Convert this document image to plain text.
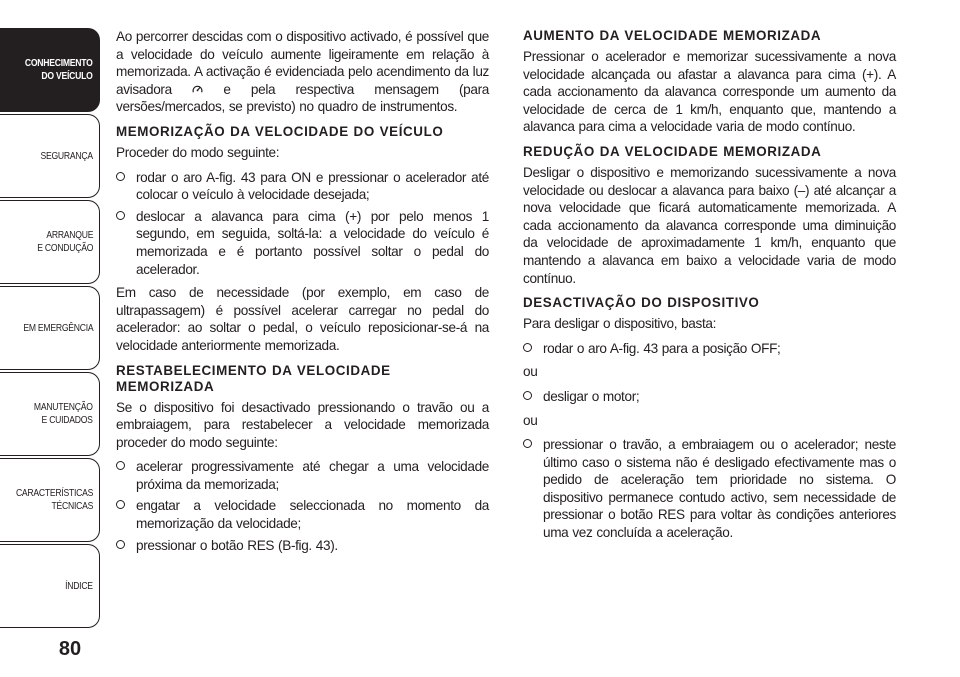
CONHECIMENTO
DO VEÍCULO
SEGURANÇA
ARRANQUE
E CONDUÇÃO
EM EMERGÊNCIA
MANUTENÇÃO
E CUIDADOS
CARACTERÍSTICAS
TÉCNICAS
ÍNDICE
80

Ao percorrer descidas com o dispositivo activado, é possível que a velocidade do veículo aumente ligeiramente em relação à memorizada. A activação é evidenciada pelo acendimento da luz avisadora	e pela respectiva mensagem (para versões/mercados, se previsto) no quadro de instrumentos.

MEMORIZAÇÃO DA VELOCIDADE DO VEÍCULO

Proceder do modo seguinte:

rodar o aro A-fig. 43 para ON e pressionar o acelerador até colocar o veículo à velocidade desejada;
deslocar a alavanca para cima (+) por pelo menos 1 segundo, em seguida, soltá-la: a velocidade do veículo é memorizada e é portanto possível soltar o pedal do acelerador.

Em caso de necessidade (por exemplo, em caso de ultrapassagem) é possível acelerar carregar no pedal do acelerador: ao soltar o pedal, o veículo reposicionar-se-á na velocidade anteriormente memorizada.

RESTABELECIMENTO DA VELOCIDADE MEMORIZADA

Se o dispositivo foi desactivado pressionando o travão ou a embraiagem, para restabelecer a velocidade memorizada proceder do modo seguinte:

acelerar progressivamente até chegar a uma velocidade próxima da memorizada;
engatar a velocidade seleccionada no momento da memorização da velocidade;
pressionar o botão RES (B-fig. 43).
AUMENTO DA VELOCIDADE MEMORIZADA

Pressionar o acelerador e memorizar sucessivamente a nova velocidade alcançada ou afastar a alavanca para cima (+). A cada accionamento da alavanca corresponde um aumento da velocidade de cerca de 1 km/h, enquanto que, mantendo a alavanca para cima a velocidade varia de modo contínuo.

REDUÇÃO DA VELOCIDADE MEMORIZADA

Desligar o dispositivo e memorizando sucessivamente a nova velocidade ou deslocar a alavanca para baixo (–) até alcançar a nova velocidade que ficará automaticamente memorizada. A cada accionamento da alavanca corresponde uma diminuição da velocidade de aproximadamente 1 km/h, enquanto que mantendo a alavanca em baixo a velocidade varia de modo contínuo.

DESACTIVAÇÃO DO DISPOSITIVO

Para desligar o dispositivo, basta:

rodar o aro A-fig. 43 para a posição OFF;

ou

desligar o motor;

ou

pressionar o travão, a embraiagem ou o acelerador; neste último caso o sistema não é desligado efectivamente mas o pedido de aceleração tem prioridade no sistema. O dispositivo permanece contudo activo, sem necessidade de pressionar o botão RES para voltar às condições anteriores uma vez concluída a aceleração.
